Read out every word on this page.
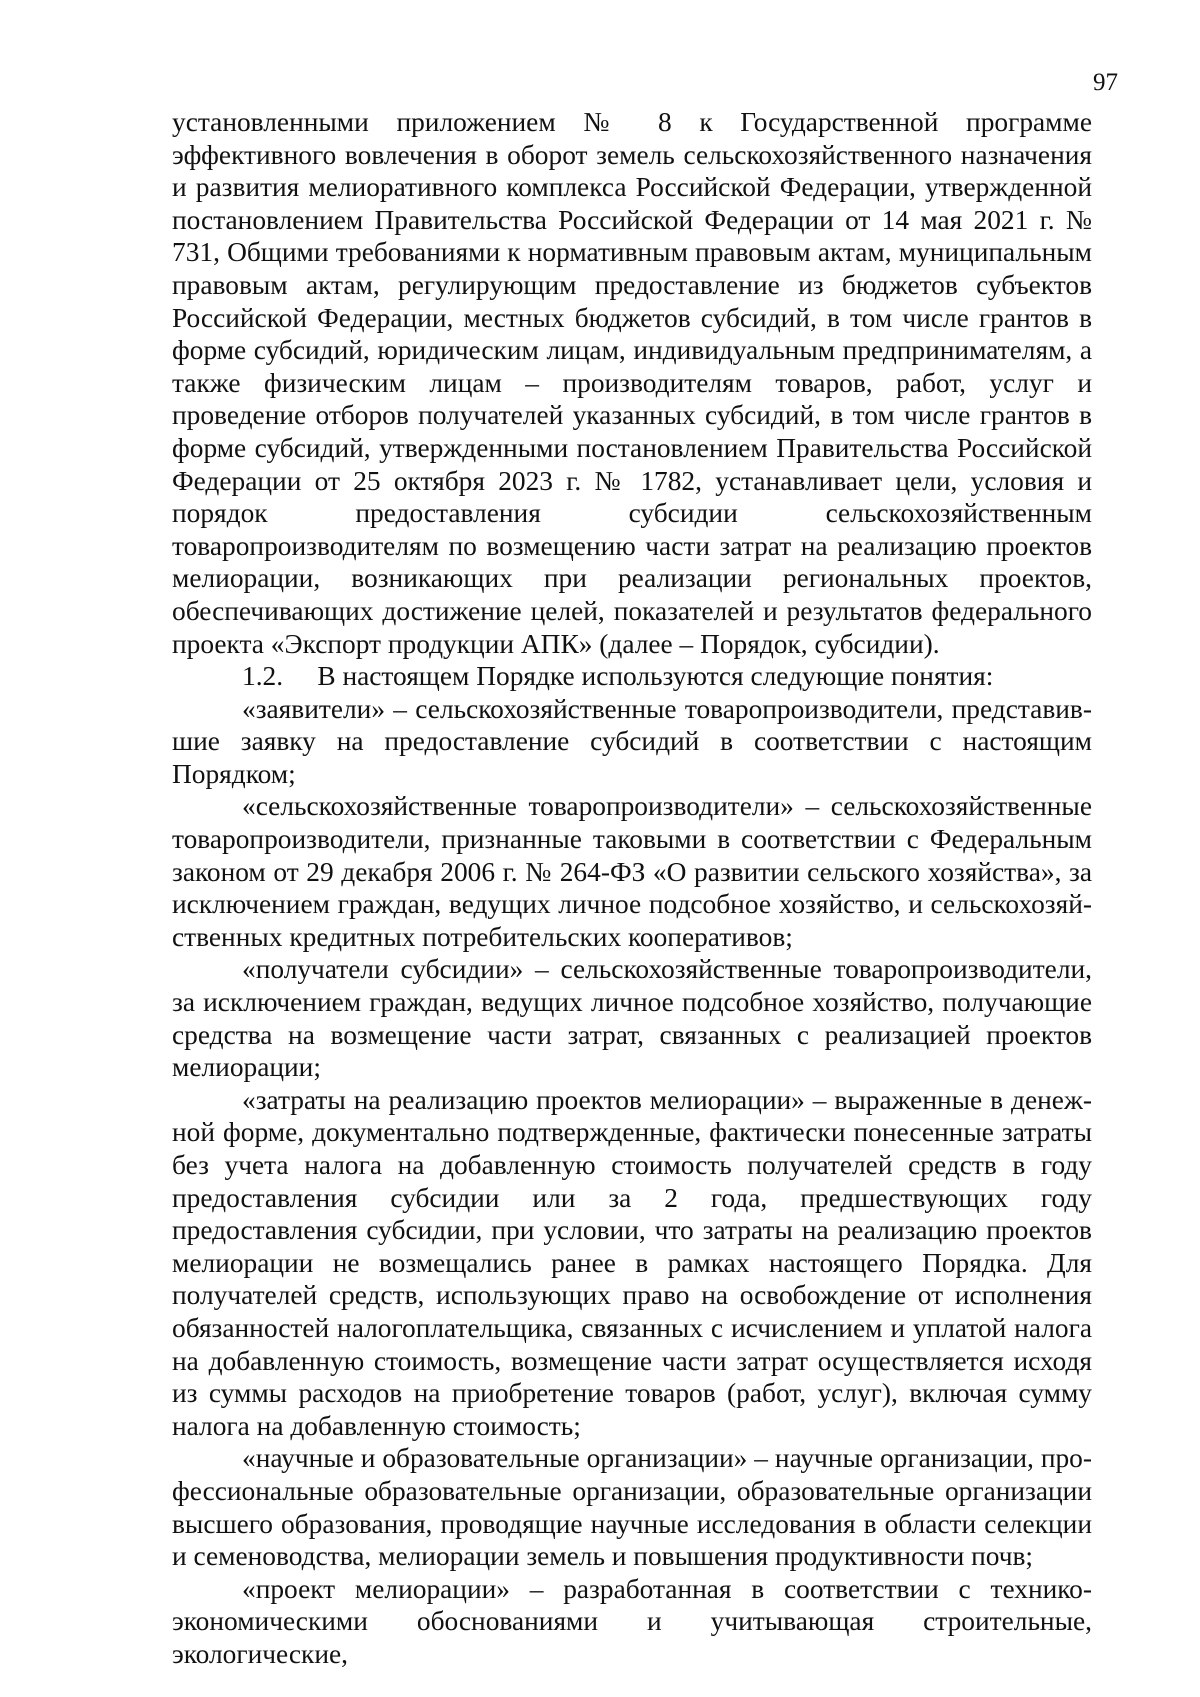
97

установленными приложением № 8 к Государственной программе эффективного вовлечения в оборот земель сельскохозяйственного назначения и развития мелиоративного комплекса Российской Федерации, утвержденной постановлением Правительства Российской Федерации от 14 мая 2021 г. № 731, Общими требованиями к нормативным правовым актам, муниципальным правовым актам, регулирующим предоставление из бюджетов субъектов Российской Федерации, местных бюджетов субсидий, в том числе грантов в форме субсидий, юридическим лицам, индивидуальным предпринимателям, а также физическим лицам – производителям товаров, работ, услуг и проведение отборов получателей указанных субсидий, в том числе грантов в форме субсидий, утвержденными постановлением Правительства Российской Федерации от 25 октября 2023 г. № 1782, устанавливает цели, условия и порядок предоставления субсидии сельскохозяйственным товаропроизводителям по возмещению части затрат на реализацию проектов мелиорации, возникающих при реализации региональных проектов, обеспечивающих достижение целей, показателей и результатов федерального проекта «Экспорт продукции АПК» (далее – Порядок, субсидии).

1.2.  В настоящем Порядке используются следующие понятия:

«заявители» – сельскохозяйственные товаропроизводители, представившие заявку на предоставление субсидий в соответствии с настоящим Порядком;

«сельскохозяйственные товаропроизводители» – сельскохозяйственные товаропроизводители, признанные таковыми в соответствии с Федеральным законом от 29 декабря 2006 г. № 264-ФЗ «О развитии сельского хозяйства», за исключением граждан, ведущих личное подсобное хозяйство, и сельскохозяйственных кредитных потребительских кооперативов;

«получатели субсидии» – сельскохозяйственные товаропроизводители, за исключением граждан, ведущих личное подсобное хозяйство, получающие средства на возмещение части затрат, связанных с реализацией проектов мелиорации;

«затраты на реализацию проектов мелиорации» – выраженные в денежной форме, документально подтвержденные, фактически понесенные затраты без учета налога на добавленную стоимость получателей средств в году предоставления субсидии или за 2 года, предшествующих году предоставления субсидии, при условии, что затраты на реализацию проектов мелиорации не возмещались ранее в рамках настоящего Порядка. Для получателей средств, использующих право на освобождение от исполнения обязанностей налогоплательщика, связанных с исчислением и уплатой налога на добавленную стоимость, возмещение части затрат осуществляется исходя из суммы расходов на приобретение товаров (работ, услуг), включая сумму налога на добавленную стоимость;

«научные и образовательные организации» – научные организации, профессиональные образовательные организации, образовательные организации высшего образования, проводящие научные исследования в области селекции и семеноводства, мелиорации земель и повышения продуктивности почв;

«проект мелиорации» – разработанная в соответствии с технико-экономическими обоснованиями и учитывающая строительные, экологические,
